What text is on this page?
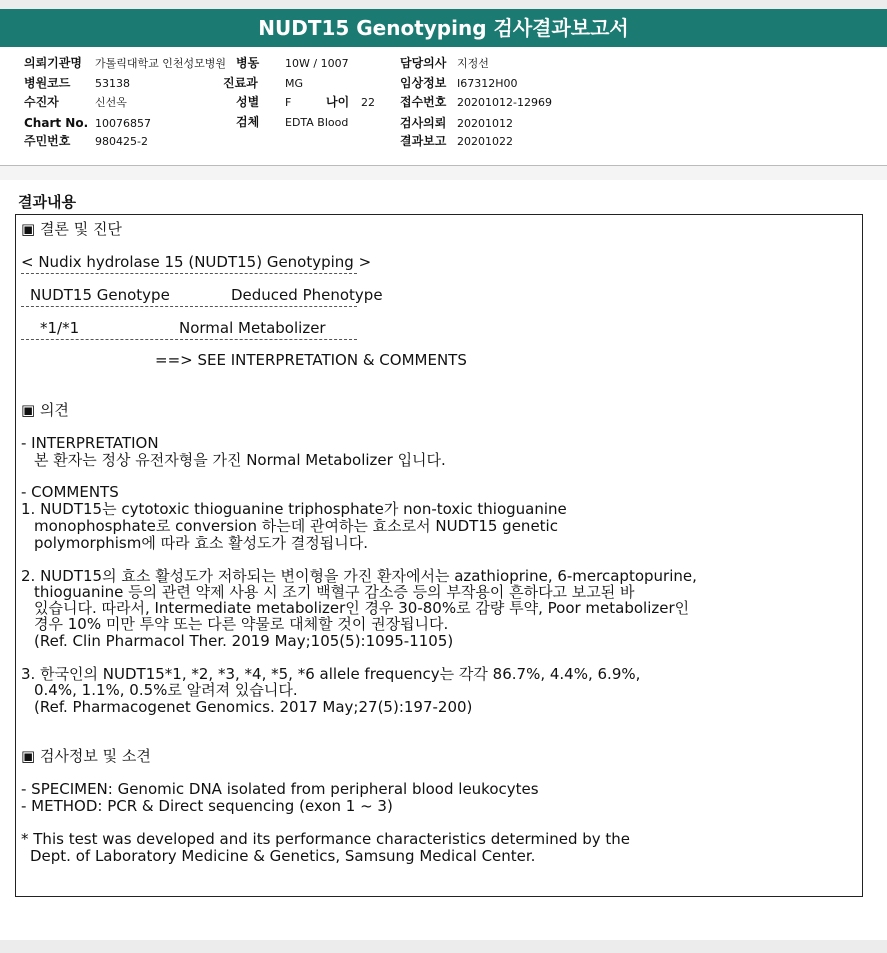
NUDT15 Genotyping 검사결과보고서
의뢰기관명 가톨릭대학교 인천성모병원
병원코드 53138
수진자	신선옥
Chart No. 10076857
주민번호 980425-2
병동 10W / 1007
진료과 MG
성별 F	나이 22
검체 EDTA Blood
담당의사 지정선
임상정보 I67312H00
접수번호 20201012-12969
검사의뢰 20201012
결과보고 20201022
결과내용
▣ 결론 및 진단
< Nudix hydrolase 15 (NUDT15) Genotyping >
NUDT15 Genotype	Deduced Phenotype
*1/*1	Normal Metabolizer
==> SEE INTERPRETATION & COMMENTS
▣ 의견
- INTERPRETATION
본 환자는 정상 유전자형을 가진 Normal Metabolizer 입니다.
- COMMENTS
1. NUDT15는 cytotoxic thioguanine triphosphate가 non-toxic thioguanine
monophosphate로 conversion 하는데 관여하는 효소로서 NUDT15 genetic
polymorphism에 따라 효소 활성도가 결정됩니다.
2. NUDT15의 효소 활성도가 저하되는 변이형을 가진 환자에서는 azathioprine, 6-mercaptopurine,
thioguanine 등의 관련 약제 사용 시 조기 백혈구 감소증 등의 부작용이 흔하다고 보고된 바
있습니다. 따라서, Intermediate metabolizer인 경우 30-80%로 감량 투약, Poor metabolizer인
경우 10% 미만 투약 또는 다른 약물로 대체할 것이 권장됩니다.
(Ref. Clin Pharmacol Ther. 2019 May;105(5):1095-1105)
3. 한국인의 NUDT15*1, *2, *3, *4, *5, *6 allele frequency는 각각 86.7%, 4.4%, 6.9%,
0.4%, 1.1%, 0.5%로 알려져 있습니다.
(Ref. Pharmacogenet Genomics. 2017 May;27(5):197-200)
▣ 검사정보 및 소견
- SPECIMEN: Genomic DNA isolated from peripheral blood leukocytes
- METHOD: PCR & Direct sequencing (exon 1 ~ 3)
* This test was developed and its performance characteristics determined by the
Dept. of Laboratory Medicine & Genetics, Samsung Medical Center.
